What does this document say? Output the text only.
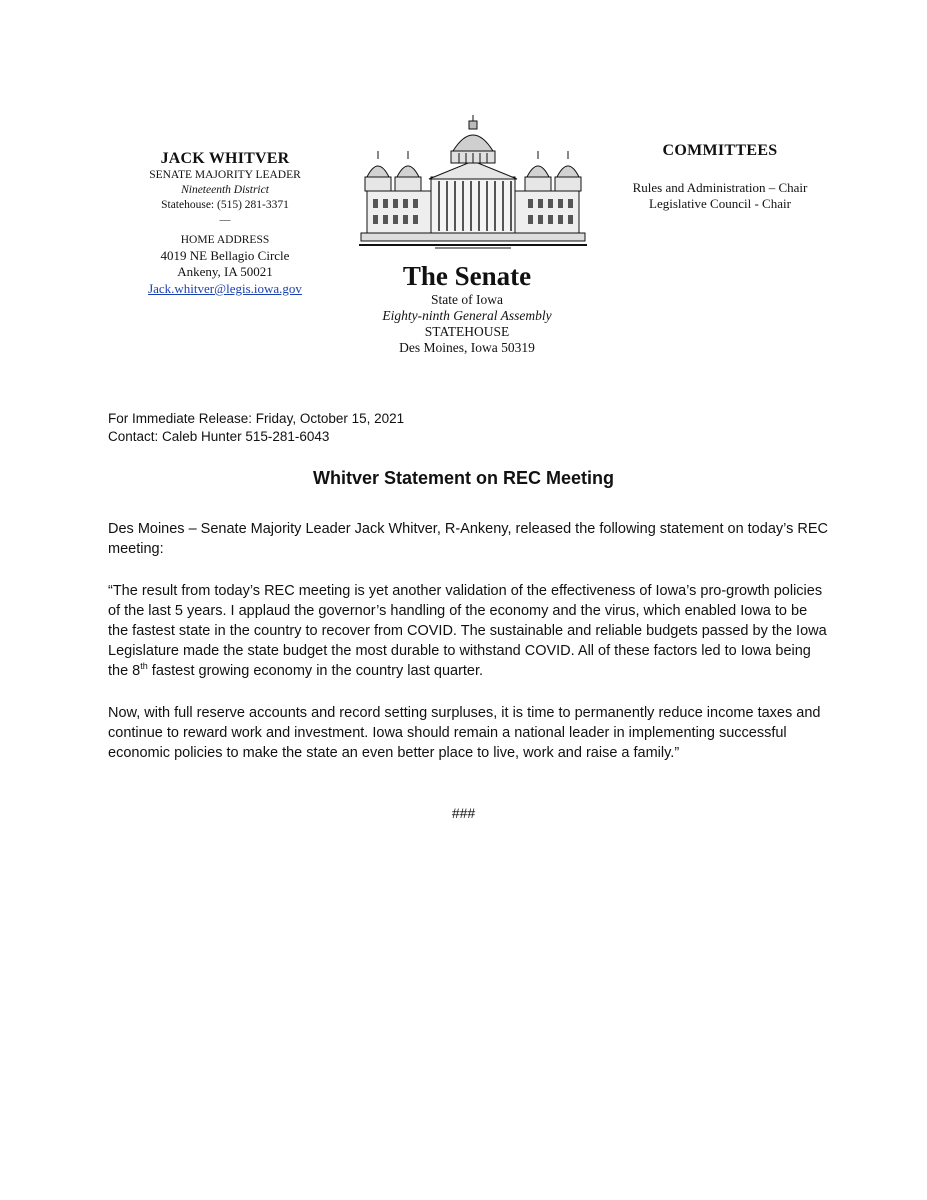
JACK WHITVER
SENATE MAJORITY LEADER
Nineteenth District
Statehouse: (515) 281-3371
—
HOME ADDRESS
4019 NE Bellagio Circle
Ankeny, IA 50021
Jack.whitver@legis.iowa.gov	The Senate
State of Iowa
Eighty-ninth General Assembly
STATEHOUSE
Des Moines, Iowa 50319
COMMITTEES
Rules and Administration – Chair
Legislative Council - Chair
For Immediate Release: Friday, October 15, 2021
Contact: Caleb Hunter 515-281-6043
Whitver Statement on REC Meeting
Des Moines – Senate Majority Leader Jack Whitver, R-Ankeny, released the following statement on today’s REC meeting:
“The result from today’s REC meeting is yet another validation of the effectiveness of Iowa’s pro-growth policies of the last 5 years. I applaud the governor’s handling of the economy and the virus, which enabled Iowa to be the fastest state in the country to recover from COVID. The sustainable and reliable budgets passed by the Iowa Legislature made the state budget the most durable to withstand COVID. All of these factors led to Iowa being the 8th fastest growing economy in the country last quarter.
Now, with full reserve accounts and record setting surpluses, it is time to permanently reduce income taxes and continue to reward work and investment. Iowa should remain a national leader in implementing successful economic policies to make the state an even better place to live, work and raise a family.”
###
